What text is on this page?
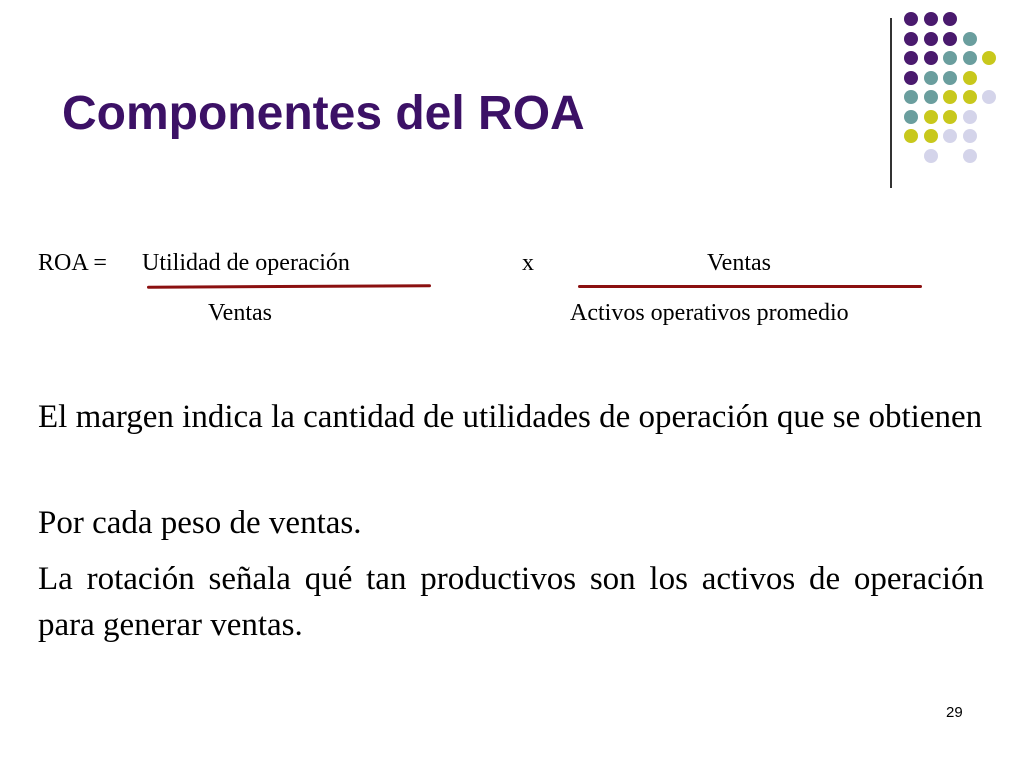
Componentes del ROA
ROA = Utilidad de operación
Ventas
x	Ventas
Activos operativos promedio

El margen indica la cantidad de utilidades de operación que se obtienen

Por cada peso de ventas.

La rotación señala qué tan productivos son los activos de operación para generar ventas.

29
